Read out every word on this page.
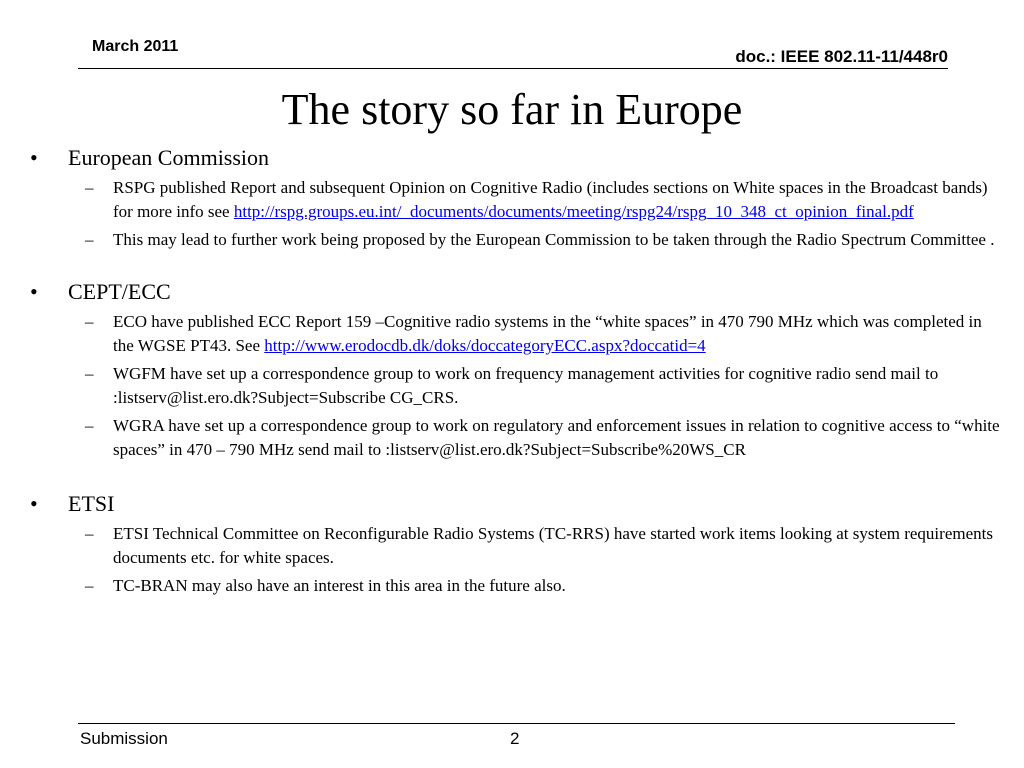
March 2011
doc.: IEEE 802.11-11/448r0
The story so far in Europe
• European Commission
– RSPG published Report and subsequent Opinion on Cognitive Radio (includes sections on White spaces in the Broadcast bands) for more info see http://rspg.groups.eu.int/_documents/documents/meeting/rspg24/rspg_10_348_ct_opinion_final.pdf
– This may lead to further work being proposed by the European Commission to be taken through the Radio Spectrum Committee .
• CEPT/ECC
– ECO have published ECC Report 159 –Cognitive radio systems in the “white spaces” in 470 790 MHz which was completed in the WGSE PT43. See http://www.erodocdb.dk/doks/doccategoryECC.aspx?doccatid=4
– WGFM have set up a correspondence group to work on frequency management activities for cognitive radio send mail to :listserv@list.ero.dk?Subject=Subscribe CG_CRS.
– WGRA have set up a correspondence group to work on regulatory and enforcement issues in relation to cognitive access to “white spaces” in 470 – 790 MHz send mail to :listserv@list.ero.dk?Subject=Subscribe%20WS_CR
• ETSI
– ETSI Technical Committee on Reconfigurable Radio Systems (TC-RRS) have started work items looking at system requirements documents etc. for white spaces.
– TC-BRAN may also have an interest in this area in the future also.
Submission	2
